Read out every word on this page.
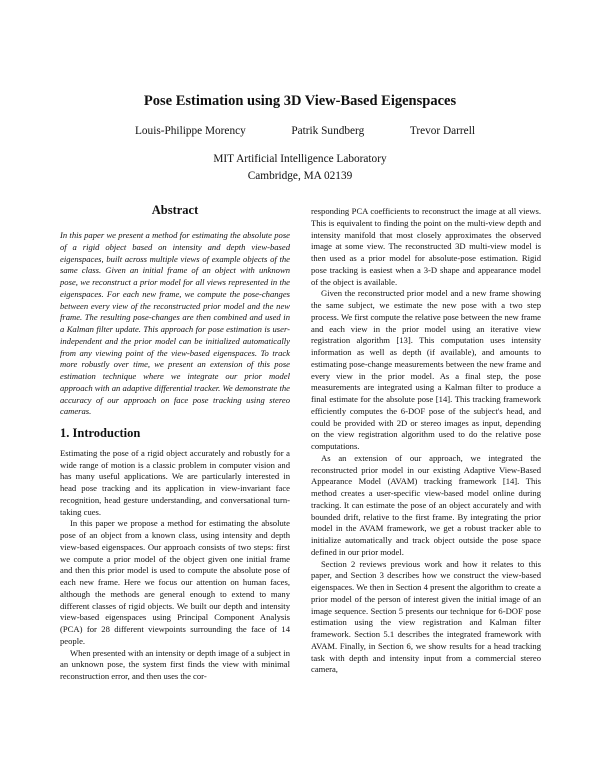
Pose Estimation using 3D View-Based Eigenspaces
Louis-Philippe Morency	Patrik Sundberg	Trevor Darrell
MIT Artificial Intelligence Laboratory
Cambridge, MA 02139
Abstract

In this paper we present a method for estimating the absolute pose of a rigid object based on intensity and depth view-based eigenspaces, built across multiple views of example objects of the same class. Given an initial frame of an object with unknown pose, we reconstruct a prior model for all views represented in the eigenspaces. For each new frame, we compute the pose-changes between every view of the reconstructed prior model and the new frame. The resulting pose-changes are then combined and used in a Kalman filter update. This approach for pose estimation is user-independent and the prior model can be initialized automatically from any viewing point of the view-based eigenspaces. To track more robustly over time, we present an extension of this pose estimation technique where we integrate our prior model approach with an adaptive differential tracker. We demonstrate the accuracy of our approach on face pose tracking using stereo cameras.

1. Introduction

Estimating the pose of a rigid object accurately and robustly for a wide range of motion is a classic problem in computer vision and has many useful applications. We are particularly interested in head pose tracking and its application in view-invariant face recognition, head gesture understanding, and conversational turn-taking cues.

In this paper we propose a method for estimating the absolute pose of an object from a known class, using intensity and depth view-based eigenspaces. Our approach consists of two steps: first we compute a prior model of the object given one initial frame and then this prior model is used to compute the absolute pose of each new frame. Here we focus our attention on human faces, although the methods are general enough to extend to many different classes of rigid objects. We built our depth and intensity view-based eigenspaces using Principal Component Analysis (PCA) for 28 different viewpoints surrounding the face of 14 people.

When presented with an intensity or depth image of a subject in an unknown pose, the system first finds the view with minimal reconstruction error, and then uses the cor-

responding PCA coefficients to reconstruct the image at all views. This is equivalent to finding the point on the multi-view depth and intensity manifold that most closely approximates the observed image at some view. The reconstructed 3D multi-view model is then used as a prior model for absolute-pose estimation. Rigid pose tracking is easiest when a 3-D shape and appearance model of the object is available.

Given the reconstructed prior model and a new frame showing the same subject, we estimate the new pose with a two step process. We first compute the relative pose between the new frame and each view in the prior model using an iterative view registration algorithm [13]. This computation uses intensity information as well as depth (if available), and amounts to estimating pose-change measurements between the new frame and every view in the prior model. As a final step, the pose measurements are integrated using a Kalman filter to produce a final estimate for the absolute pose [14]. This tracking framework efficiently computes the 6-DOF pose of the subject's head, and could be provided with 2D or stereo images as input, depending on the view registration algorithm used to do the relative pose computations.

As an extension of our approach, we integrated the reconstructed prior model in our existing Adaptive View-Based Appearance Model (AVAM) tracking framework [14]. This method creates a user-specific view-based model online during tracking. It can estimate the pose of an object accurately and with bounded drift, relative to the first frame. By integrating the prior model in the AVAM framework, we get a robust tracker able to initialize automatically and track object outside the pose space defined in our prior model.

Section 2 reviews previous work and how it relates to this paper, and Section 3 describes how we construct the view-based eigenspaces. We then in Section 4 present the algorithm to create a prior model of the person of interest given the initial image of an image sequence. Section 5 presents our technique for 6-DOF pose estimation using the view registration and Kalman filter framework. Section 5.1 describes the integrated framework with AVAM. Finally, in Section 6, we show results for a head tracking task with depth and intensity input from a commercial stereo camera,
